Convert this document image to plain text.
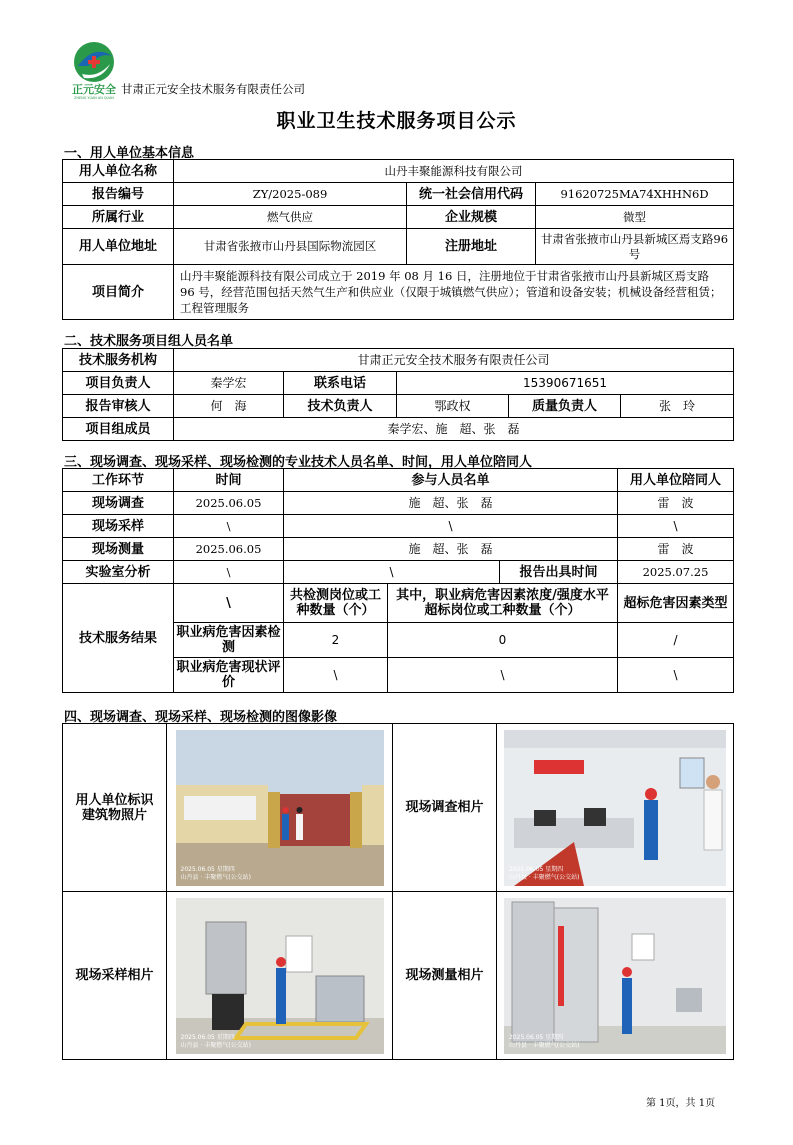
正元安全
ZHENG YUAN AN QUAN
甘肃正元安全技术服务有限责任公司
职业卫生技术服务项目公示
一、用人单位基本信息
用人单位名称	山丹丰聚能源科技有限公司		
报告编号	ZY/2025-089	统一社会信用代码	91620725MA74XHHN6D
所属行业	燃气供应	企业规模	微型
用人单位地址	甘肃省张掖市山丹县国际物流园区	注册地址	甘肃省张掖市山丹县新城区焉支路96号
项目简介	山丹丰聚能源科技有限公司成立于 2019 年 08 月 16 日，注册地位于甘肃省张掖市山丹县新城区焉支路 96 号，经营范围包括天然气生产和供应业（仅限于城镇燃气供应）；管道和设备安装；机械设备经营租赁；工程管理服务		
二、技术服务项目组人员名单
技术服务机构	甘肃正元安全技术服务有限责任公司				
项目负责人	秦学宏	联系电话	15390671651		
报告审核人	何　海	技术负责人	鄂政权	质量负责人	张　玲
项目组成员	秦学宏、施　超、张　磊				
三、现场调查、现场采样、现场检测的专业技术人员名单、时间，用人单位陪同人
工作环节	时间	参与人员名单			用人单位陪同人
现场调查	2025.06.05	施　超、张　磊			雷　波
现场采样	\	\			\
现场测量	2025.06.05	施　超、张　磊			雷　波
实验室分析	\	\		报告出具时间	2025.07.25
技术服务结果	\	共检测岗位或工种数量（个）	其中，职业病危害因素浓度/强度水平超标岗位或工种数量（个）		超标危害因素类型
	职业病危害因素检测	2	0		/
	职业病危害现状评价	\	\		\
四、现场调查、现场采样、现场检测的图像影像
用人单位标识建筑物照片	2025.06.05 星期四
山丹县 · 丰聚燃气(公交站)	现场调查相片	2025.06.05 星期四
山丹县 · 丰聚燃气(公交站)

现场采样相片	2025.06.05 星期四
山丹县 · 丰聚燃气(公交站)	现场测量相片	2025.06.05 星期四
山丹县 · 丰聚燃气(公交站)
第 1页，共 1页
